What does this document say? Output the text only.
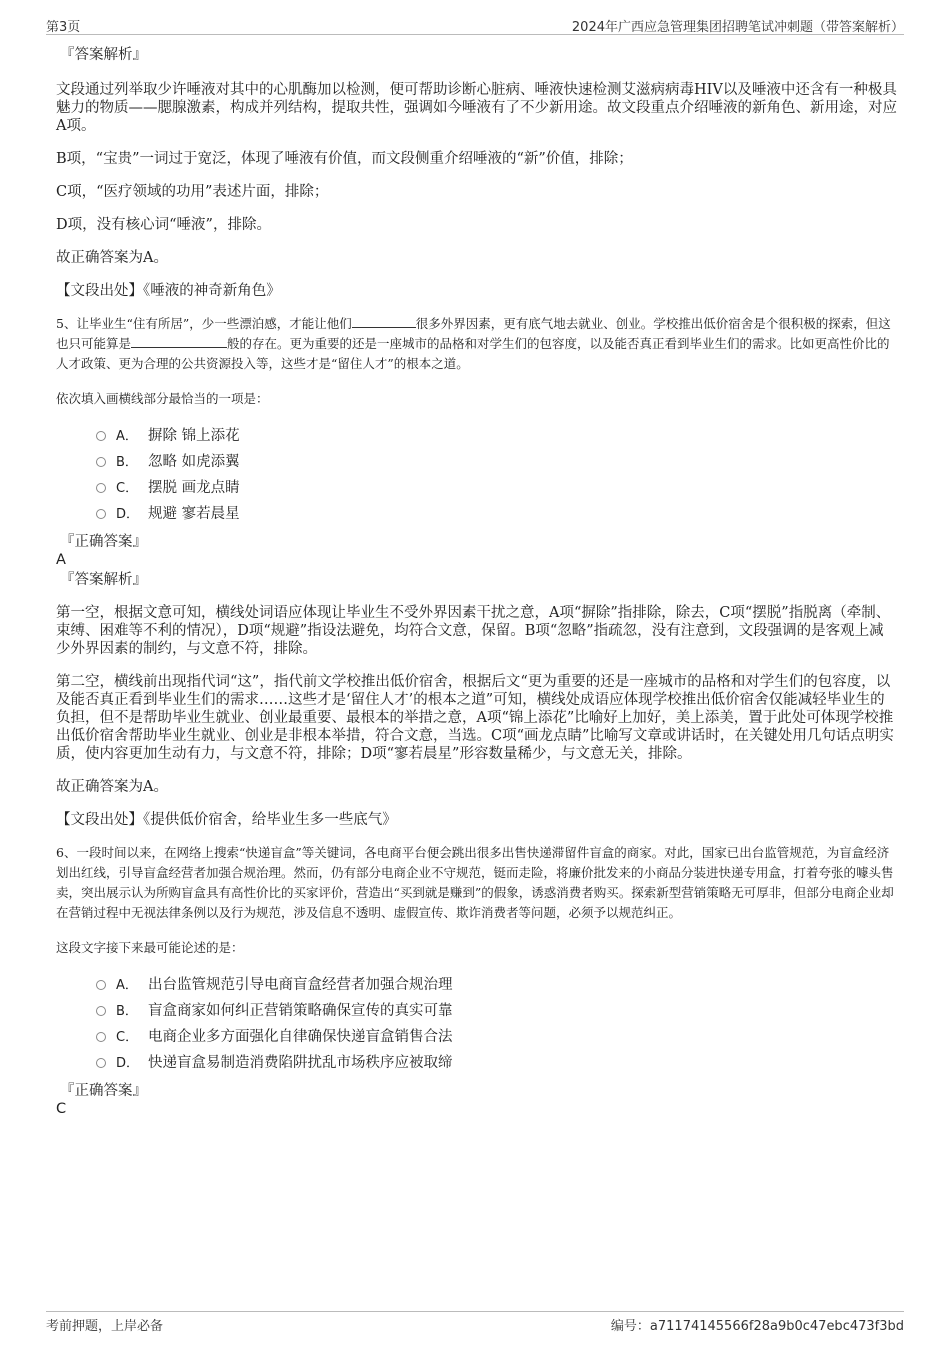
第3页	2024年广西应急管理集团招聘笔试冲刺题（带答案解析）

『答案解析』

文段通过列举取少许唾液对其中的心肌酶加以检测，便可帮助诊断心脏病、唾液快速检测艾滋病病毒HIV以及唾液中还含有一种极具魅力的物质——腮腺激素，构成并列结构，提取共性，强调如今唾液有了不少新用途。故文段重点介绍唾液的新角色、新用途，对应A项。

B项，“宝贵”一词过于宽泛，体现了唾液有价值，而文段侧重介绍唾液的“新”价值，排除；

C项，“医疗领域的功用”表述片面，排除；

D项，没有核心词“唾液”，排除。

故正确答案为A。

【文段出处】《唾液的神奇新角色》

5、让毕业生“住有所居”，少一些漂泊感，才能让他们	很多外界因素，更有底气地去就业、创业。学校推出低价宿舍是个很积极的探索，但这也只可能算是	般的存在。更为重要的还是一座城市的品格和对学生们的包容度，以及能否真正看到毕业生们的需求。比如更高性价比的人才政策、更为合理的公共资源投入等，这些才是“留住人才”的根本之道。

依次填入画横线部分最恰当的一项是：

A． 摒除 锦上添花
B． 忽略 如虎添翼
C． 摆脱 画龙点睛
D． 规避 寥若晨星

『正确答案』

A

『答案解析』

第一空，根据文意可知，横线处词语应体现让毕业生不受外界因素干扰之意，A项“摒除”指排除，除去，C项“摆脱”指脱离（牵制、束缚、困难等不利的情况），D项“规避”指设法避免，均符合文意，保留。B项“忽略”指疏忽，没有注意到，文段强调的是客观上减少外界因素的制约，与文意不符，排除。

第二空，横线前出现指代词“这”，指代前文学校推出低价宿舍，根据后文“更为重要的还是一座城市的品格和对学生们的包容度，以及能否真正看到毕业生们的需求……这些才是‘留住人才’的根本之道”可知，横线处成语应体现学校推出低价宿舍仅能减轻毕业生的负担，但不是帮助毕业生就业、创业最重要、最根本的举措之意，A项“锦上添花”比喻好上加好，美上添美，置于此处可体现学校推出低价宿舍帮助毕业生就业、创业是非根本举措，符合文意，当选。C项“画龙点睛”比喻写文章或讲话时，在关键处用几句话点明实质，使内容更加生动有力，与文意不符，排除；D项“寥若晨星”形容数量稀少，与文意无关，排除。

故正确答案为A。

【文段出处】《提供低价宿舍，给毕业生多一些底气》

6、一段时间以来，在网络上搜索“快递盲盒”等关键词，各电商平台便会跳出很多出售快递滞留件盲盒的商家。对此，国家已出台监管规范，为盲盒经济划出红线，引导盲盒经营者加强合规治理。然而，仍有部分电商企业不守规范，铤而走险，将廉价批发来的小商品分装进快递专用盒，打着夸张的噱头售卖，突出展示认为所购盲盒具有高性价比的买家评价，营造出“买到就是赚到”的假象，诱惑消费者购买。探索新型营销策略无可厚非，但部分电商企业却在营销过程中无视法律条例以及行为规范，涉及信息不透明、虚假宣传、欺诈消费者等问题，必须予以规范纠正。

这段文字接下来最可能论述的是：

A． 出台监管规范引导电商盲盒经营者加强合规治理
B． 盲盒商家如何纠正营销策略确保宣传的真实可靠
C． 电商企业多方面强化自律确保快递盲盒销售合法
D． 快递盲盒易制造消费陷阱扰乱市场秩序应被取缔

『正确答案』

C

考前押题，上岸必备	编号：a71174145566f28a9b0c47ebc473f3bd
